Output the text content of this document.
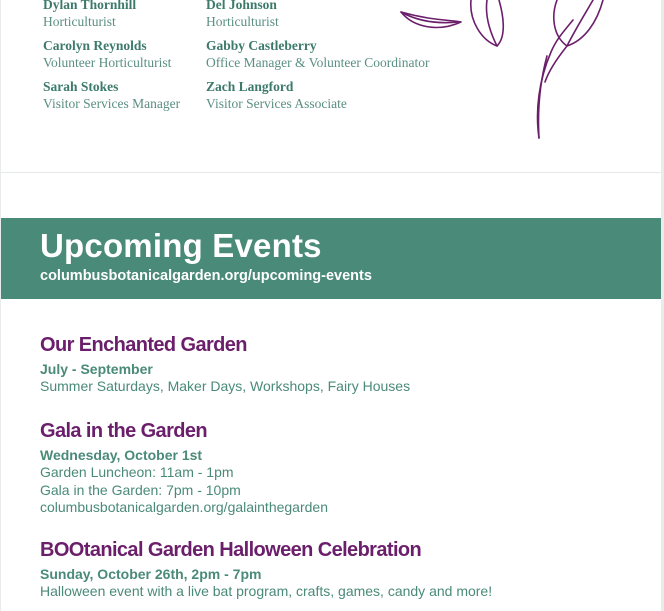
Dylan Thornhill
Horticulturist
Del Johnson
Horticulturist
Carolyn Reynolds
Volunteer Horticulturist
Gabby Castleberry
Office Manager & Volunteer Coordinator
Sarah Stokes
Visitor Services Manager
Zach Langford
Visitor Services Associate
Upcoming Events
columbusbotanicalgarden.org/upcoming-events
Our Enchanted Garden
July - September
Summer Saturdays, Maker Days, Workshops, Fairy Houses
Gala in the Garden
Wednesday, October 1st
Garden Luncheon: 11am - 1pm
Gala in the Garden: 7pm - 10pm
columbusbotanicalgarden.org/galainthegarden
BOOtanical Garden Halloween Celebration
Sunday, October 26th, 2pm - 7pm
Halloween event with a live bat program, crafts, games, candy and more!
